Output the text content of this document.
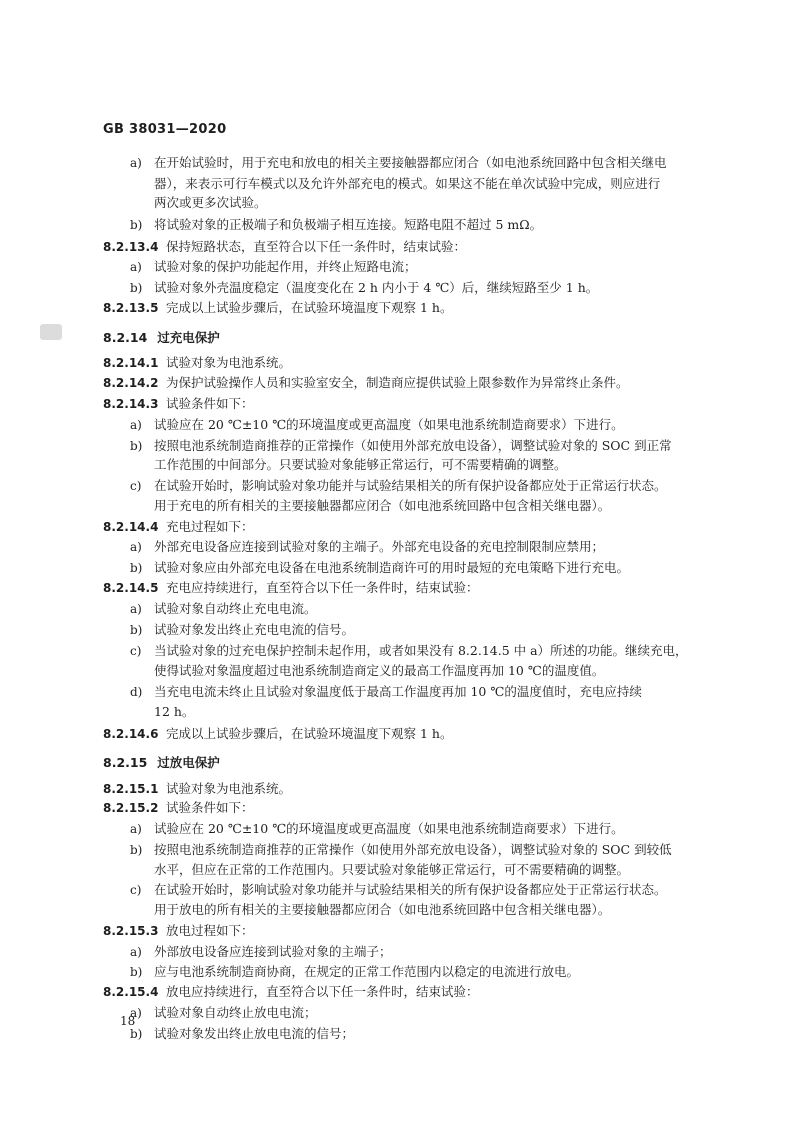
GB 38031—2020
a) 在开始试验时，用于充电和放电的相关主要接触器都应闭合（如电池系统回路中包含相关继电
器），来表示可行车模式以及允许外部充电的模式。如果这不能在单次试验中完成，则应进行
两次或更多次试验。
b) 将试验对象的正极端子和负极端子相互连接。短路电阻不超过 5 mΩ。
8.2.13.4 保持短路状态，直至符合以下任一条件时，结束试验：
a) 试验对象的保护功能起作用，并终止短路电流；
b) 试验对象外壳温度稳定（温度变化在 2 h 内小于 4 ℃）后，继续短路至少 1 h。
8.2.13.5 完成以上试验步骤后，在试验环境温度下观察 1 h。
8.2.14 过充电保护
8.2.14.1 试验对象为电池系统。
8.2.14.2 为保护试验操作人员和实验室安全，制造商应提供试验上限参数作为异常终止条件。
8.2.14.3 试验条件如下：
a) 试验应在 20 ℃±10 ℃的环境温度或更高温度（如果电池系统制造商要求）下进行。
b) 按照电池系统制造商推荐的正常操作（如使用外部充放电设备），调整试验对象的 SOC 到正常
工作范围的中间部分。只要试验对象能够正常运行，可不需要精确的调整。
c) 在试验开始时，影响试验对象功能并与试验结果相关的所有保护设备都应处于正常运行状态。
用于充电的所有相关的主要接触器都应闭合（如电池系统回路中包含相关继电器）。
8.2.14.4 充电过程如下：
a) 外部充电设备应连接到试验对象的主端子。外部充电设备的充电控制限制应禁用；
b) 试验对象应由外部充电设备在电池系统制造商许可的用时最短的充电策略下进行充电。
8.2.14.5 充电应持续进行，直至符合以下任一条件时，结束试验：
a) 试验对象自动终止充电电流。
b) 试验对象发出终止充电电流的信号。
c) 当试验对象的过充电保护控制未起作用，或者如果没有 8.2.14.5 中 a）所述的功能。继续充电，
使得试验对象温度超过电池系统制造商定义的最高工作温度再加 10 ℃的温度值。
d) 当充电电流未终止且试验对象温度低于最高工作温度再加 10 ℃的温度值时，充电应持续
12 h。
8.2.14.6 完成以上试验步骤后，在试验环境温度下观察 1 h。
8.2.15 过放电保护
8.2.15.1 试验对象为电池系统。
8.2.15.2 试验条件如下：
a) 试验应在 20 ℃±10 ℃的环境温度或更高温度（如果电池系统制造商要求）下进行。
b) 按照电池系统制造商推荐的正常操作（如使用外部充放电设备），调整试验对象的 SOC 到较低
水平，但应在正常的工作范围内。只要试验对象能够正常运行，可不需要精确的调整。
c) 在试验开始时，影响试验对象功能并与试验结果相关的所有保护设备都应处于正常运行状态。
用于放电的所有相关的主要接触器都应闭合（如电池系统回路中包含相关继电器）。
8.2.15.3 放电过程如下：
a) 外部放电设备应连接到试验对象的主端子；
b) 应与电池系统制造商协商，在规定的正常工作范围内以稳定的电流进行放电。
8.2.15.4 放电应持续进行，直至符合以下任一条件时，结束试验：
a) 试验对象自动终止放电电流；
b) 试验对象发出终止放电电流的信号；
18
